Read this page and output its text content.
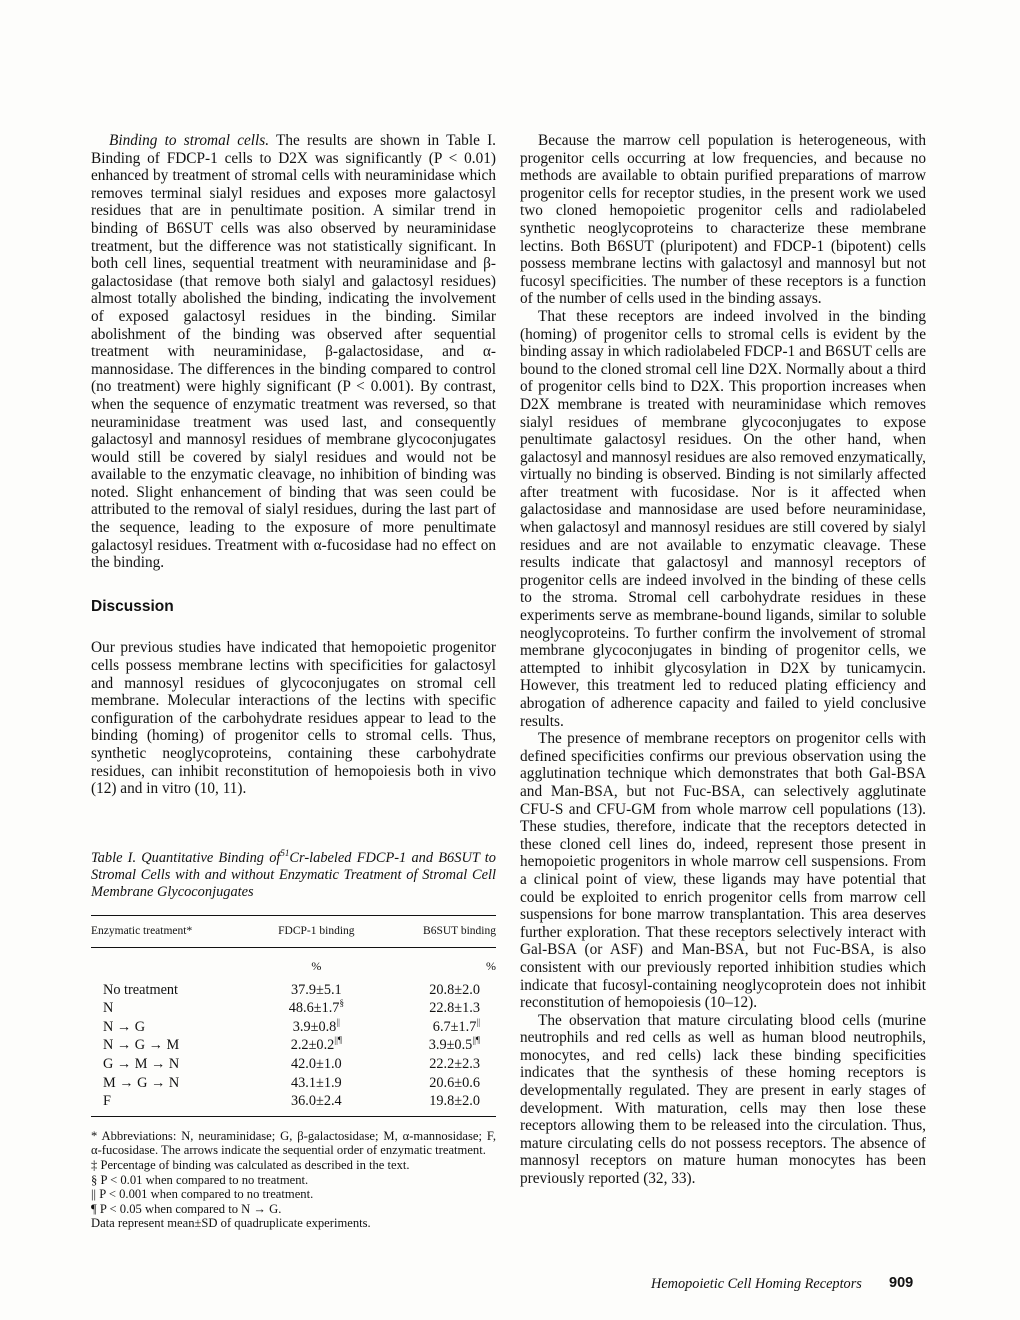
Binding to stromal cells. The results are shown in Table I. Binding of FDCP-1 cells to D2X was significantly (P < 0.01) enhanced by treatment of stromal cells with neuraminidase which removes terminal sialyl residues and exposes more galactosyl residues that are in penultimate position. A similar trend in binding of B6SUT cells was also observed by neuraminidase treatment, but the difference was not statistically significant. In both cell lines, sequential treatment with neuraminidase and β-galactosidase (that remove both sialyl and galactosyl residues) almost totally abolished the binding, indicating the involvement of exposed galactosyl residues in the binding. Similar abolishment of the binding was observed after sequential treatment with neuraminidase, β-galactosidase, and α-mannosidase. The differences in the binding compared to control (no treatment) were highly significant (P < 0.001). By contrast, when the sequence of enzymatic treatment was reversed, so that neuraminidase treatment was used last, and consequently galactosyl and mannosyl residues of membrane glycoconjugates would still be covered by sialyl residues and would not be available to the enzymatic cleavage, no inhibition of binding was noted. Slight enhancement of binding that was seen could be attributed to the removal of sialyl residues, during the last part of the sequence, leading to the exposure of more penultimate galactosyl residues. Treatment with α-fucosidase had no effect on the binding.

Discussion

Our previous studies have indicated that hemopoietic progenitor cells possess membrane lectins with specificities for galactosyl and mannosyl residues of glycoconjugates on stromal cell membrane. Molecular interactions of the lectins with specific configuration of the carbohydrate residues appear to lead to the binding (homing) of progenitor cells to stromal cells. Thus, synthetic neoglycoproteins, containing these carbohydrate residues, can inhibit reconstitution of hemopoiesis both in vivo (12) and in vitro (10, 11).

Table I. Quantitative Binding $of^{51}Cr$-labeled FDCP-1 and B6SUT to Stromal Cells with and without Enzymatic Treatment of Stromal Cell Membrane Glycoconjugates
Enzymatic treatment*	FDCP-1 binding	B6SUT binding
	%	%
No treatment	37.9±5.1	20.8±2.0
N	48.6±1.7§	22.8±1.3
N → G	3.9±0.8||	6.7±1.7||
N → G → M	2.2±0.2||¶	3.9±0.5||¶
G → M → N	42.0±1.0	22.2±2.3
M → G → N	43.1±1.9	20.6±0.6
F	36.0±2.4	19.8±2.0
* Abbreviations: N, neuraminidase; G, β-galactosidase; M, α-mannosidase; F, α-fucosidase. The arrows indicate the sequential order of enzymatic treatment.
‡ Percentage of binding was calculated as described in the text.
§ P < 0.01 when compared to no treatment.
|| P < 0.001 when compared to no treatment.
¶ P < 0.05 when compared to N → G.
Data represent mean±SD of quadruplicate experiments.

Because the marrow cell population is heterogeneous, with progenitor cells occurring at low frequencies, and because no methods are available to obtain purified preparations of marrow progenitor cells for receptor studies, in the present work we used two cloned hemopoietic progenitor cells and radiolabeled synthetic neoglycoproteins to characterize these membrane lectins. Both B6SUT (pluripotent) and FDCP-1 (bipotent) cells possess membrane lectins with galactosyl and mannosyl but not fucosyl specificities. The number of these receptors is a function of the number of cells used in the binding assays.

That these receptors are indeed involved in the binding (homing) of progenitor cells to stromal cells is evident by the binding assay in which radiolabeled FDCP-1 and B6SUT cells are bound to the cloned stromal cell line D2X. Normally about a third of progenitor cells bind to D2X. This proportion increases when D2X membrane is treated with neuraminidase which removes sialyl residues of membrane glycoconjugates to expose penultimate galactosyl residues. On the other hand, when galactosyl and mannosyl residues are also removed enzymatically, virtually no binding is observed. Binding is not similarly affected after treatment with fucosidase. Nor is it affected when galactosidase and mannosidase are used before neuraminidase, when galactosyl and mannosyl residues are still covered by sialyl residues and are not available to enzymatic cleavage. These results indicate that galactosyl and mannosyl receptors of progenitor cells are indeed involved in the binding of these cells to the stroma. Stromal cell carbohydrate residues in these experiments serve as membrane-bound ligands, similar to soluble neoglycoproteins. To further confirm the involvement of stromal membrane glycoconjugates in binding of progenitor cells, we attempted to inhibit glycosylation in D2X by tunicamycin. However, this treatment led to reduced plating efficiency and abrogation of adherence capacity and failed to yield conclusive results.

The presence of membrane receptors on progenitor cells with defined specificities confirms our previous observation using the agglutination technique which demonstrates that both Gal-BSA and Man-BSA, but not Fuc-BSA, can selectively agglutinate CFU-S and CFU-GM from whole marrow cell populations (13). These studies, therefore, indicate that the receptors detected in these cloned cell lines do, indeed, represent those present in hemopoietic progenitors in whole marrow cell suspensions. From a clinical point of view, these ligands may have potential that could be exploited to enrich progenitor cells from marrow cell suspensions for bone marrow transplantation. This area deserves further exploration. That these receptors selectively interact with Gal-BSA (or ASF) and Man-BSA, but not Fuc-BSA, is also consistent with our previously reported inhibition studies which indicate that fucosyl-containing neoglycoprotein does not inhibit reconstitution of hemopoiesis (10–12).

The observation that mature circulating blood cells (murine neutrophils and red cells as well as human blood neutrophils, monocytes, and red cells) lack these binding specificities indicates that the synthesis of these homing receptors is developmentally regulated. They are present in early stages of development. With maturation, cells may then lose these receptors allowing them to be released into the circulation. Thus, mature circulating cells do not possess receptors. The absence of mannosyl receptors on mature human monocytes has been previously reported (32, 33).

Hemopoietic Cell Homing Receptors 909
